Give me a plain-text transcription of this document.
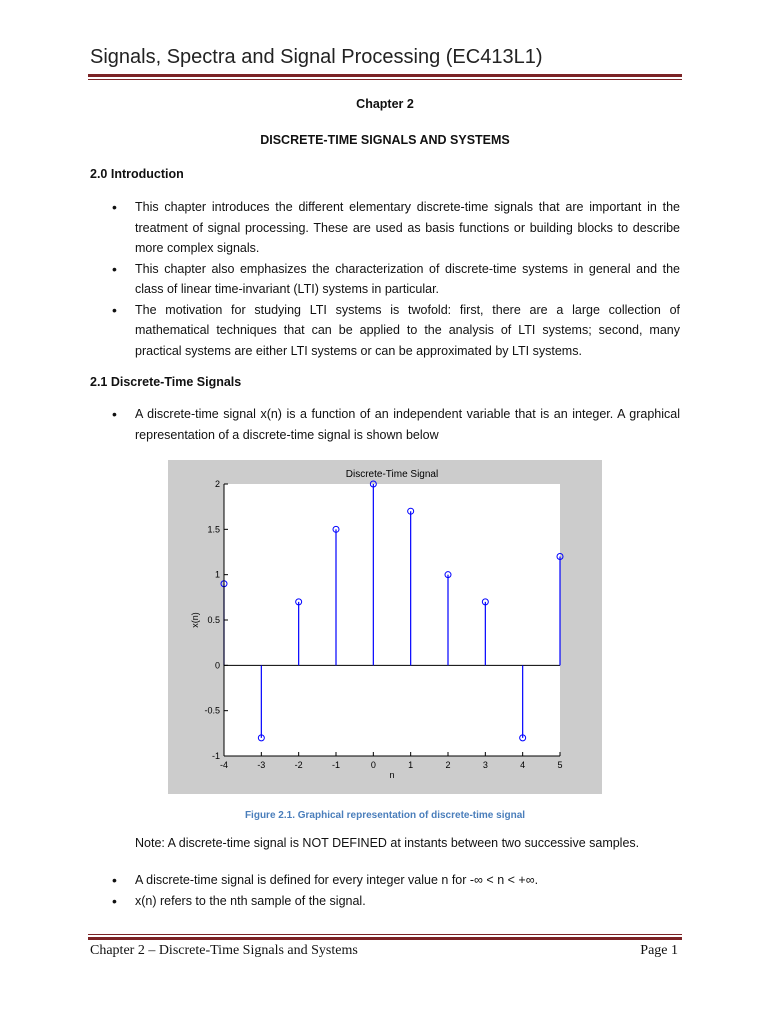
Signals, Spectra and Signal Processing (EC413L1)
Chapter 2
DISCRETE-TIME SIGNALS AND SYSTEMS
2.0 Introduction
• This chapter introduces the different elementary discrete-time signals that are important in the treatment of signal processing. These are used as basis functions or building blocks to describe more complex signals.
• This chapter also emphasizes the characterization of discrete-time systems in general and the class of linear time-invariant (LTI) systems in particular.
• The motivation for studying LTI systems is twofold: first, there are a large collection of mathematical techniques that can be applied to the analysis of LTI systems; second, many practical systems are either LTI systems or can be approximated by LTI systems.
2.1 Discrete-Time Signals
• A discrete-time signal x(n) is a function of an independent variable that is an integer. A graphical representation of a discrete-time signal is shown below
2
1.5
1
0.5
0
-0.5
-1
-4	-3	-2	-1	0	1	2	3	4	5
Discrete-Time Signal
n
x(n)
Figure 2.1. Graphical representation of discrete-time signal
Note: A discrete-time signal is NOT DEFINED at instants between two successive samples.
• A discrete-time signal is defined for every integer value n for -∞ < n < +∞.
• x(n) refers to the nth sample of the signal.
Chapter 2 – Discrete-Time Signals and Systems	Page 1
